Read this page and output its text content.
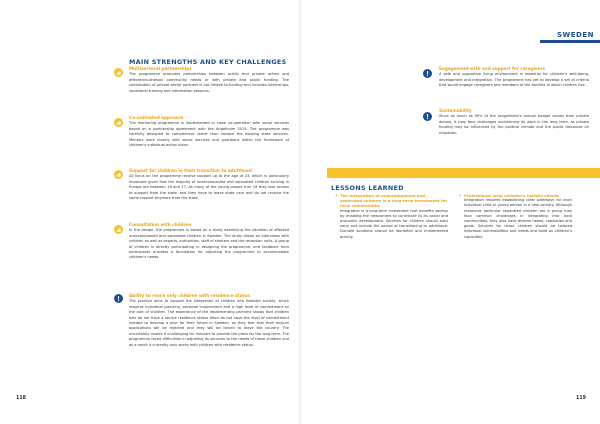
MAIN STRENGTHS AND KEY CHALLENGES
Multisectoral partnerships

The programme promotes partnerships between public and private actors and affected/ncohesion community needs or with private and public funding. The contribution of private sector partners is not limited to funding and includes internships, vocational training and information sessions.

Co-ordinated approach

The mentoring programme is implemented in close co-operation with social services based on a partnership agreement with the Ängelholm 2015. The programme was carefully designed to complement rather than replace the existing state services. Mentors work closely with social services and guardians within the framework of children's individual action plans.

Support for children in their transition to adulthood

All focus on the programme receive support up to the age of 23, which is particularly important given that the majority of unaccompanied and separated children arriving in Europe are between 16 and 17. As many of the young people turn 18 they lose access to support from the state, and they have to leave state care and do not receive the same support anymore from the state.

Consultation with children

In the design, the programme is based on a study examining the situation of affected unaccompanied and separated children in Sweden. The study draws on interviews with children as well as experts, authorities, staff of shelters and the reception units. A group of children is directly participating in designing the programme, and feedback from participants provides a foundation for adjusting the programme to accommodate children's needs.

Ability to reach only children with residence status

The practice aims to support the integration of children into Swedish society, which requires individual planning, personal involvement and a high level of commitment on the part of children. The experience of the implementing partners shows that children who do not have a secure residence status often do not have the level of commitment needed to develop a plan for their future in Sweden, as they fear that their asylum applications will be rejected and they will be forced to leave the country. The uncertainty makes it challenging for mentors to provide the plans for the long term. The programme faced difficulties in adjusting its services to the needs of these children and as a result it currently only works with children with residence status.

118
SWEDEN
Engagement with and support for caregivers

A safe and supportive living environment is essential for children's well-being, development and integration. The programme has yet to develop a set of criteria that would engage caregivers and members of the families in which children live.

Sustainability

Since as much as 90% of the programme's annual budget comes from private donors, it may face challenges maintaining its work in the long term, as private funding may be influenced by the political climate and the public discourse on migration.

LESSONS LEARNED
• The integration of unaccompanied and separated children is a long-term investment for local communities

Integration is a long-term investment that benefits society by enabling the newcomers to contribute to its social and economic development. Services for children should start early and include the period of transitioning to adulthood. Durable solutions should be identified and implemented quickly.

• Professional local children's holistic-clients

Integration requires establishing clear pathways for each individual child or young person in a new country. Although measures particular separated children are a group may face common challenges in integrating into local communities, they also have diverse needs, capacities and goals. Services for these children should be tailored individual vulnerabilities and needs and build on children's capacities.

119
